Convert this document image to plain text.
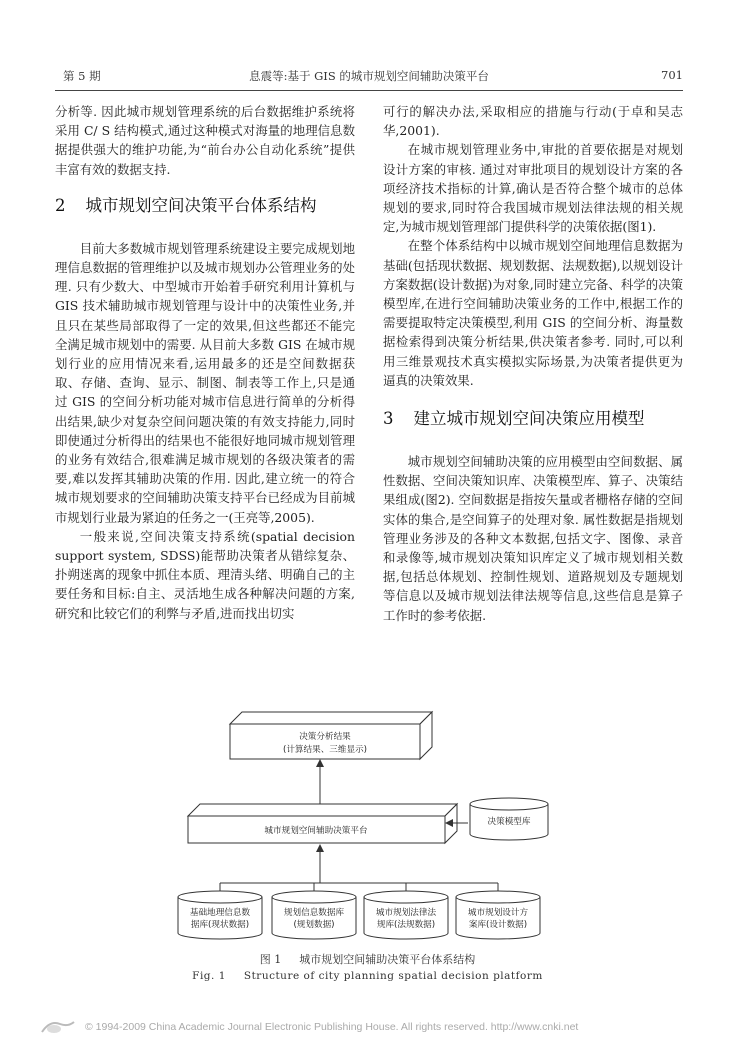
第 5 期	息震等:基于 GIS 的城市规划空间辅助决策平台	701

分析等. 因此城市规划管理系统的后台数据维护系统将采用 C/ S 结构模式,通过这种模式对海量的地理信息数据提供强大的维护功能,为“前台办公自动化系统”提供丰富有效的数据支持.

2 城市规划空间决策平台体系结构

目前大多数城市规划管理系统建设主要完成规划地理信息数据的管理维护以及城市规划办公管理业务的处理. 只有少数大、中型城市开始着手研究利用计算机与 GIS 技术辅助城市规划管理与设计中的决策性业务,并且只在某些局部取得了一定的效果,但这些都还不能完全满足城市规划中的需要. 从目前大多数 GIS 在城市规划行业的应用情况来看,运用最多的还是空间数据获取、存储、查询、显示、制图、制表等工作上,只是通过 GIS 的空间分析功能对城市信息进行简单的分析得出结果,缺少对复杂空间问题决策的有效支持能力,同时即使通过分析得出的结果也不能很好地同城市规划管理的业务有效结合,很难满足城市规划的各级决策者的需要,难以发挥其辅助决策的作用. 因此,建立统一的符合城市规划要求的空间辅助决策支持平台已经成为目前城市规划行业最为紧迫的任务之一(王亮等,2005).

一般来说,空间决策支持系统(spatial decision support system, SDSS)能帮助决策者从错综复杂、扑朔迷离的现象中抓住本质、理清头绪、明确自己的主要任务和目标:自主、灵活地生成各种解决问题的方案,研究和比较它们的利弊与矛盾,进而找出切实

可行的解决办法,采取相应的措施与行动(于卓和吴志华,2001).

在城市规划管理业务中,审批的首要依据是对规划设计方案的审核. 通过对审批项目的规划设计方案的各项经济技术指标的计算,确认是否符合整个城市的总体规划的要求,同时符合我国城市规划法律法规的相关规定,为城市规划管理部门提供科学的决策依据(图1).

在整个体系结构中以城市规划空间地理信息数据为基础(包括现状数据、规划数据、法规数据),以规划设计方案数据(设计数据)为对象,同时建立完备、科学的决策模型库,在进行空间辅助决策业务的工作中,根据工作的需要提取特定决策模型,利用 GIS 的空间分析、海量数据检索得到决策分析结果,供决策者参考. 同时,可以利用三维景观技术真实模拟实际场景,为决策者提供更为逼真的决策效果.

3 建立城市规划空间决策应用模型

城市规划空间辅助决策的应用模型由空间数据、属性数据、空间决策知识库、决策模型库、算子、决策结果组成(图2). 空间数据是指按矢量或者栅格存储的空间实体的集合,是空间算子的处理对象. 属性数据是指规划管理业务涉及的各种文本数据,包括文字、图像、录音和录像等,城市规划决策知识库定义了城市规划相关数据,包括总体规划、控制性规划、道路规划及专题规划等信息以及城市规划法律法规等信息,这些信息是算子工作时的参考依据.

决策分析结果
(计算结果、三维显示)
城市规划空间辅助决策平台
决策模型库
基础地理信息数
据库(现状数据)
规划信息数据库
(规划数据)
城市规划法律法
规库(法规数据)
城市规划设计方
案库(设计数据)
图 1 城市规划空间辅助决策平台体系结构
Fig. 1 Structure of city planning spatial decision platform
© 1994-2009 China Academic Journal Electronic Publishing House. All rights reserved. http://www.cnki.net
